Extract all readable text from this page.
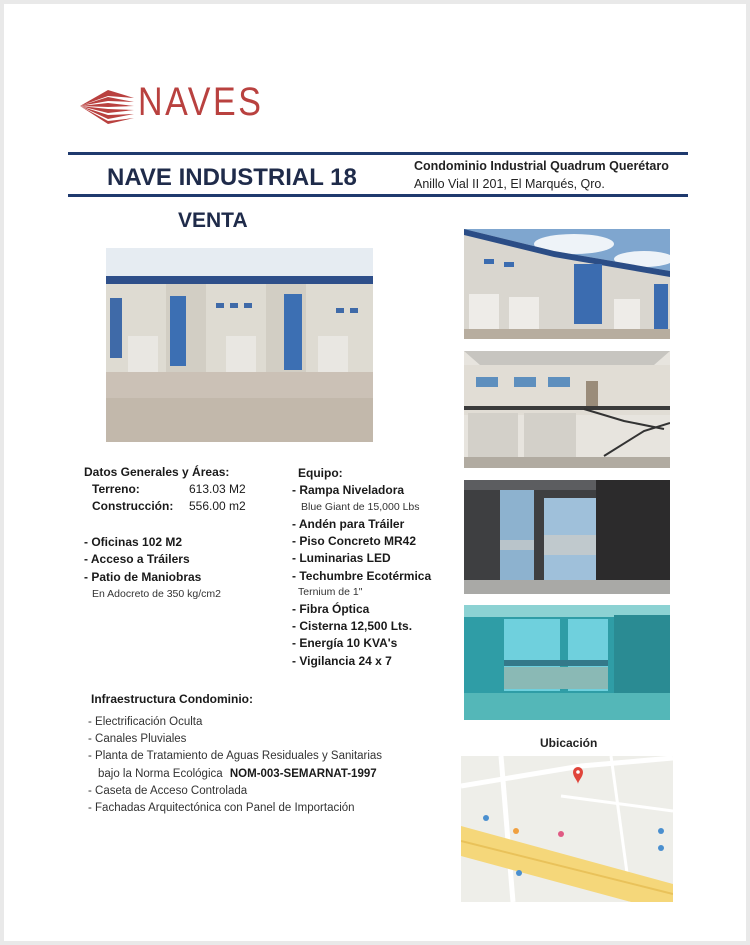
NAVES
NAVE INDUSTRIAL 18	Condominio Industrial Quadrum Querétaro
Anillo Vial II 201, El Marqués, Qro.
VENTA
Datos Generales y Áreas:
Terreno:	613.03 M2
Construcción: 556.00 m2
- Oficinas 102 M2
- Acceso a Tráilers
- Patio de Maniobras
En Adocreto de 350 kg/cm2
Equipo:
- Rampa Niveladora
Blue Giant de 15,000 Lbs
- Andén para Tráiler
- Piso Concreto MR42
- Luminarias LED
- Techumbre Ecotérmica
Ternium de 1"
- Fibra Óptica
- Cisterna 12,500 Lts.
- Energía 10 KVA's
- Vigilancia 24 x 7
Infraestructura Condominio:
- Electrificación Oculta
- Canales Pluviales
- Planta de Tratamiento de Aguas Residuales y Sanitarias
bajo la Norma Ecológica NOM-003-SEMARNAT-1997
- Caseta de Acceso Controlada
- Fachadas Arquitectónica con Panel de Importación
Ubicación
